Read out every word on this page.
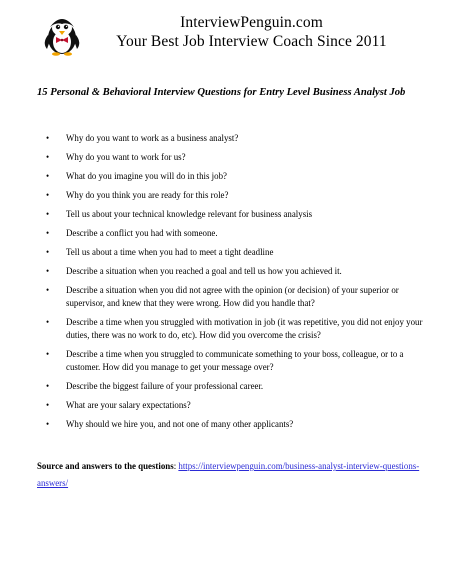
InterviewPenguin.com
Your Best Job Interview Coach Since 2011
15 Personal & Behavioral Interview Questions for Entry Level Business Analyst Job
• Why do you want to work as a business analyst?
• Why do you want to work for us?
• What do you imagine you will do in this job?
• Why do you think you are ready for this role?
• Tell us about your technical knowledge relevant for business analysis
• Describe a conflict you had with someone.
• Tell us about a time when you had to meet a tight deadline
• Describe a situation when you reached a goal and tell us how you achieved it.
• Describe a situation when you did not agree with the opinion (or decision) of your superior or supervisor, and knew that they were wrong. How did you handle that?
• Describe a time when you struggled with motivation in job (it was repetitive, you did not enjoy your duties, there was no work to do, etc). How did you overcome the crisis?
• Describe a time when you struggled to communicate something to your boss, colleague, or to a customer. How did you manage to get your message over?
• Describe the biggest failure of your professional career.
• What are your salary expectations?
• Why should we hire you, and not one of many other applicants?
Source and answers to the questions: https://interviewpenguin.com/business-analyst-interview-questions-answers/
